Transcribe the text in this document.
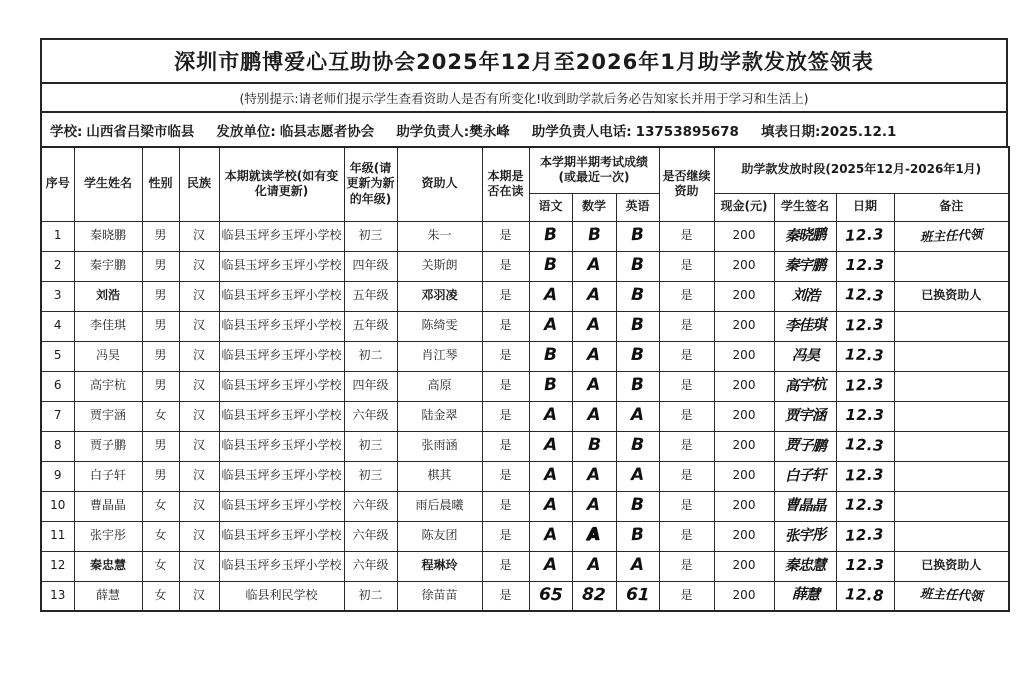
深圳市鹏博爱心互助协会2025年12月至2026年1月助学款发放签领表
(特别提示:请老师们提示学生查看资助人是否有所变化!收到助学款后务必告知家长并用于学习和生活上)
学校: 山西省吕梁市临县 发放单位: 临县志愿者协会 助学负责人:樊永峰 助学负责人电话: 13753895678 填表日期:2025.12.1
序号	学生姓名	性别	民族	本期就读学校(如有变化请更新)	年级(请更新为新的年级)	资助人	本期是否在读	本学期半期考试成绩(或最近一次)			是否继续资助	助学款发放时段(2025年12月-2026年1月)			
								语文	数学	英语		现金(元)	学生签名	日期	备注
1	秦晓鹏	男	汉	临县玉坪乡玉坪小学校	初三	朱一	是	B	B	B	是	200	秦晓鹏	12.3	班主任代领
2	秦宇鹏	男	汉	临县玉坪乡玉坪小学校	四年级	关斯朗	是	B	A	B	是	200	秦宇鹏	12.3	
3	刘浩	男	汉	临县玉坪乡玉坪小学校	五年级	邓羽凌	是	A	A	B	是	200	刘浩	12.3	已换资助人
4	李佳琪	男	汉	临县玉坪乡玉坪小学校	五年级	陈绮雯	是	A	A	B	是	200	李佳琪	12.3	
5	冯昊	男	汉	临县玉坪乡玉坪小学校	初二	肖江琴	是	B	A	B	是	200	冯昊	12.3	
6	高宇杭	男	汉	临县玉坪乡玉坪小学校	四年级	高原	是	B	A	B	是	200	高宇杭	12.3	
7	贾宇涵	女	汉	临县玉坪乡玉坪小学校	六年级	陆金翠	是	A	A	A	是	200	贾宇涵	12.3	
8	贾子鹏	男	汉	临县玉坪乡玉坪小学校	初三	张雨涵	是	A	B	B	是	200	贾子鹏	12.3	
9	白子轩	男	汉	临县玉坪乡玉坪小学校	初三	棋其	是	A	A	A	是	200	白子轩	12.3	
10	曹晶晶	女	汉	临县玉坪乡玉坪小学校	六年级	雨后晨曦	是	A	A	B	是	200	曹晶晶	12.3	
11	张宇彤	女	汉	临县玉坪乡玉坪小学校	六年级	陈友团	是	A	A	B	是	200	张宇彤	12.3	
12	秦忠慧	女	汉	临县玉坪乡玉坪小学校	六年级	程琳玲	是	A	A	A	是	200	秦忠慧	12.3	已换资助人
13	薛慧	女	汉	临县利民学校	初二	徐苗苗	是	65	82	61	是	200	薛慧	12.8	班主任代领
